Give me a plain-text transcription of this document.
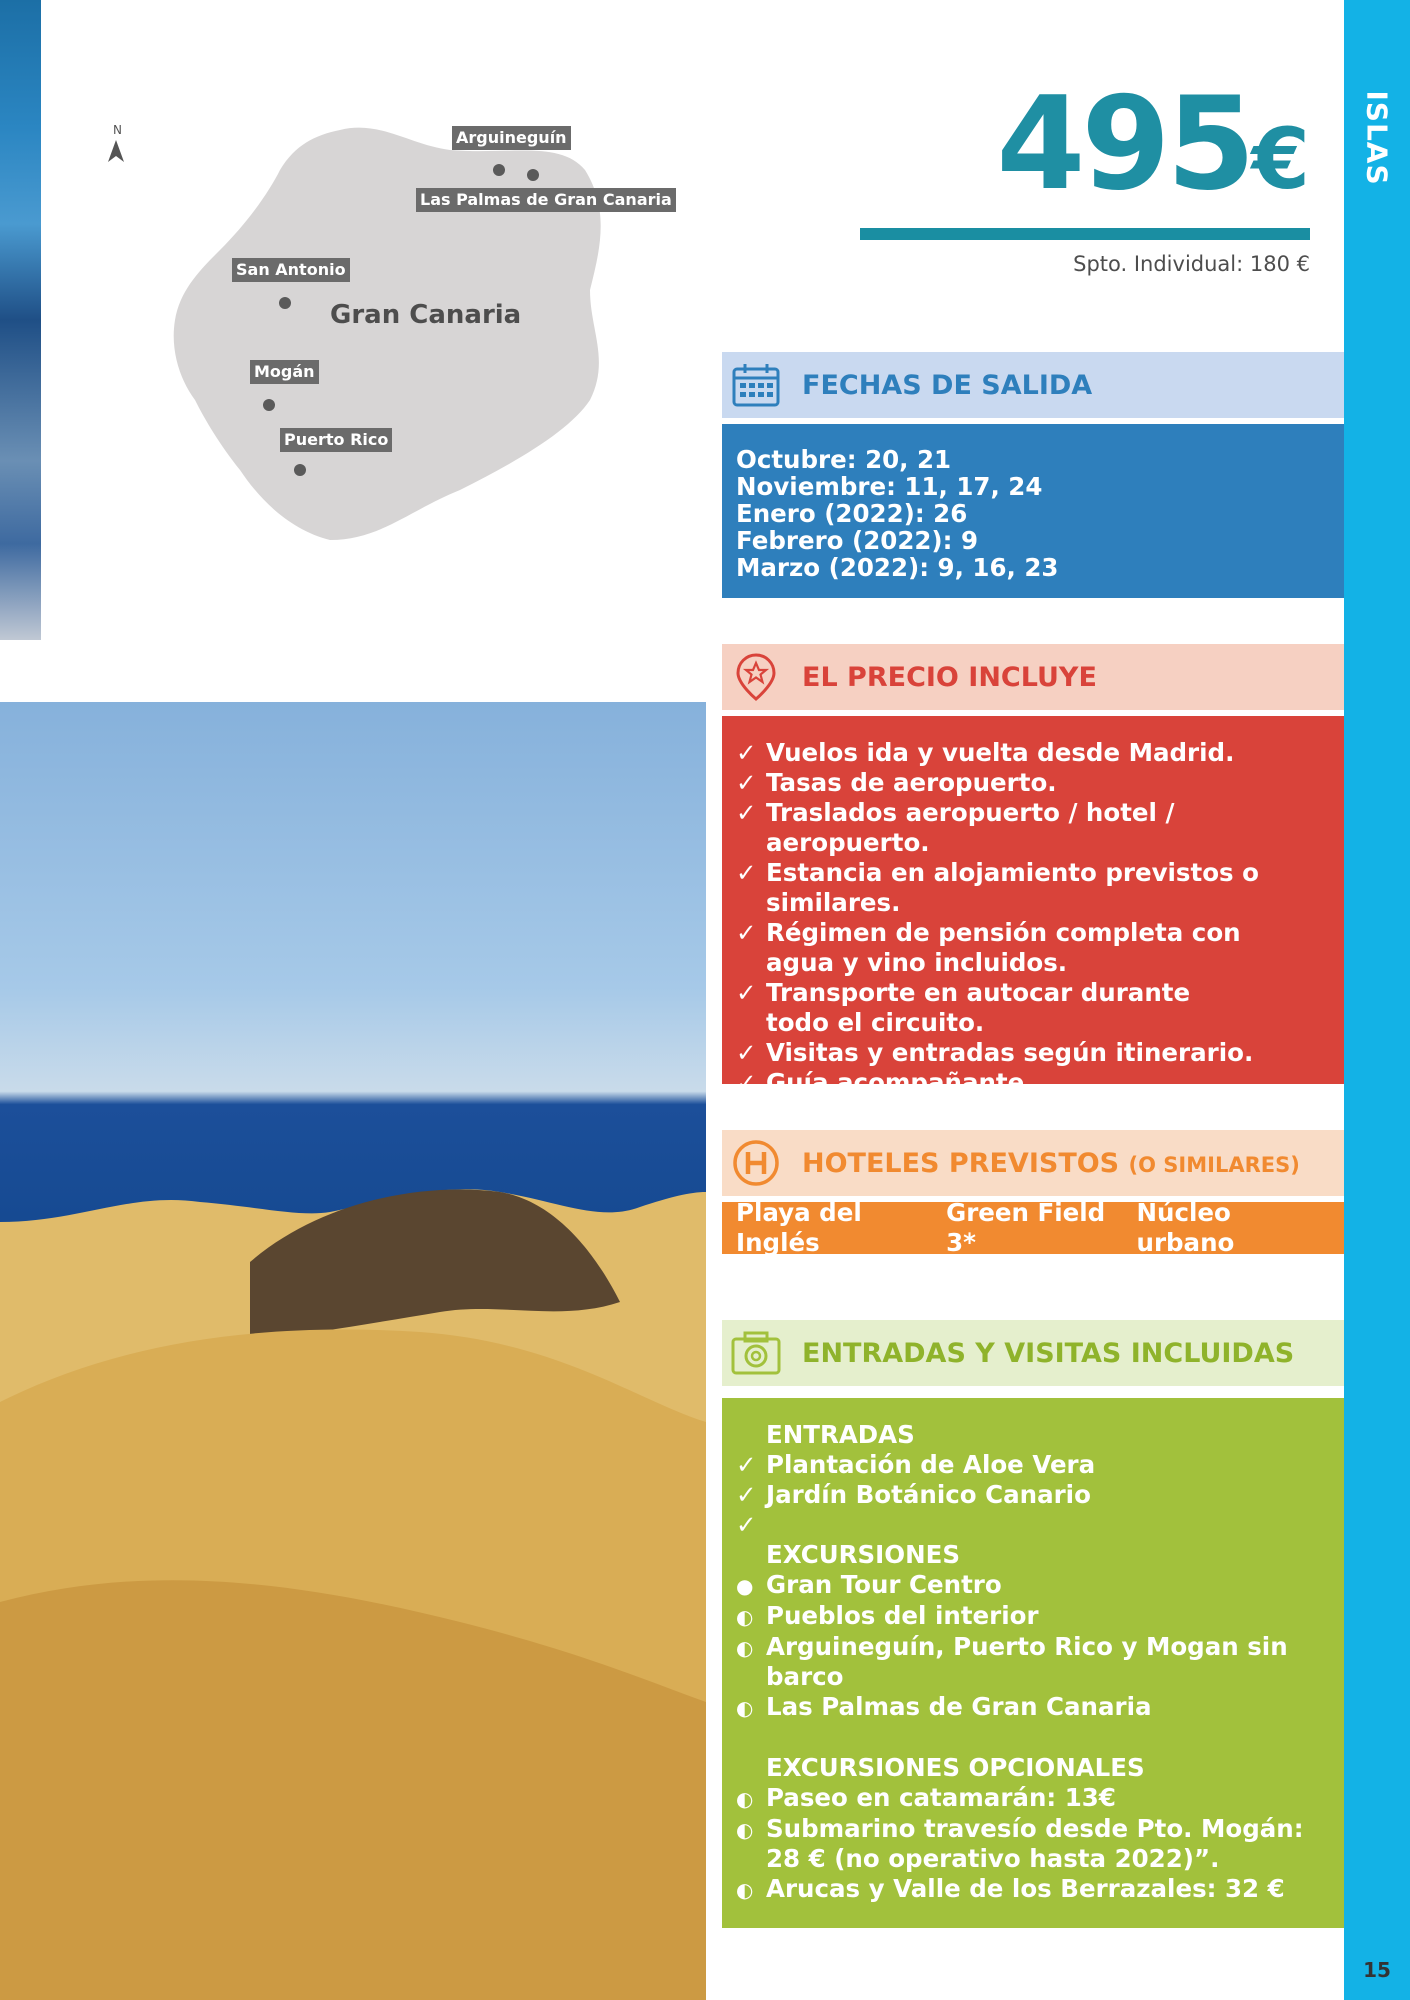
N	Arguineguín
Las Palmas de Gran Canaria
San Antonio
Mogán
Puerto Rico
Gran Canaria
495€
Spto. Individual: 180 €
ISLAS
15
FECHAS DE SALIDA
Octubre: 20, 21
Noviembre: 11, 17, 24
Enero (2022): 26
Febrero (2022): 9
Marzo (2022): 9, 16, 23
EL PRECIO INCLUYE
✓ Vuelos ida y vuelta desde Madrid.
✓ Tasas de aeropuerto.
✓ Traslados aeropuerto / hotel / aeropuerto.
✓ Estancia en alojamiento previstos o similares.
✓ Régimen de pensión completa con agua y vino incluidos.
✓ Transporte en autocar durante todo el circuito.
✓ Visitas y entradas según itinerario.
✓ Guía acompañante.
✓ Seguro obligatorio de viaje.
HOTELES PREVISTOS (O SIMILARES)
Playa del Inglés
Green Field 3*
Núcleo urbano
ENTRADAS Y VISITAS INCLUIDAS
ENTRADAS
✓ Plantación de Aloe Vera
✓ Jardín Botánico Canario
✓
EXCURSIONES
●
Gran Tour Centro
◐
Pueblos del interior
◐
Arguineguín, Puerto Rico y Mogan sin barco
◐
Las Palmas de Gran Canaria
EXCURSIONES OPCIONALES
◐
Paseo en catamarán: 13€
◐
Submarino travesío desde Pto. Mogán: 28 € (no operativo hasta 2022)”.
◐
Arucas y Valle de los Berrazales: 32 €
●
Día completo
◐	Medio día
